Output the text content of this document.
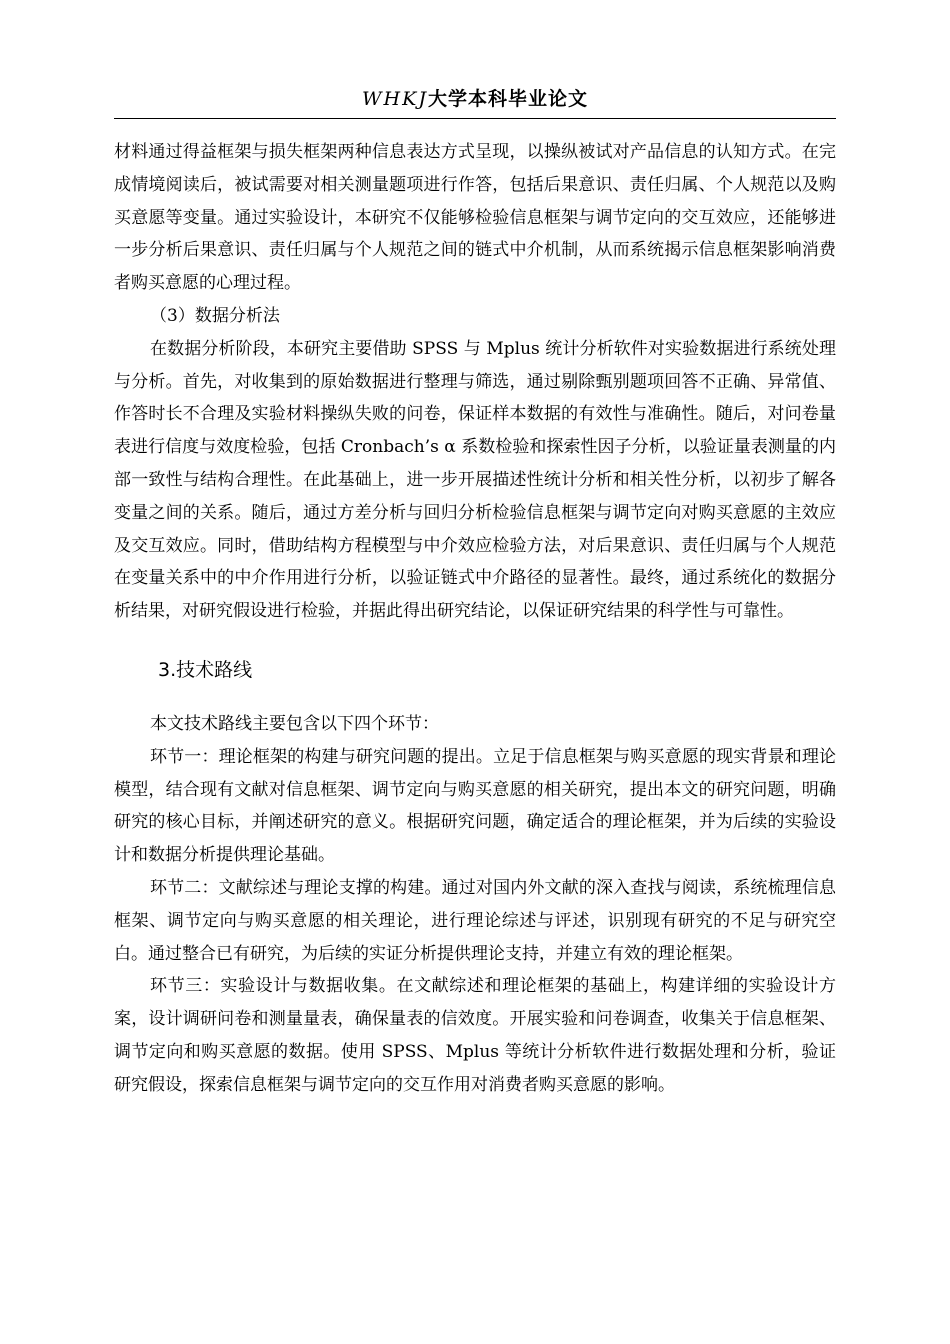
WHKJ大学本科毕业论文

材料通过得益框架与损失框架两种信息表达方式呈现，以操纵被试对产品信息的认知方式。在完成情境阅读后，被试需要对相关测量题项进行作答，包括后果意识、责任归属、个人规范以及购买意愿等变量。通过实验设计，本研究不仅能够检验信息框架与调节定向的交互效应，还能够进一步分析后果意识、责任归属与个人规范之间的链式中介机制，从而系统揭示信息框架影响消费者购买意愿的心理过程。

（3）数据分析法

在数据分析阶段，本研究主要借助 SPSS 与 Mplus 统计分析软件对实验数据进行系统处理与分析。首先，对收集到的原始数据进行整理与筛选，通过剔除甄别题项回答不正确、异常值、作答时长不合理及实验材料操纵失败的问卷，保证样本数据的有效性与准确性。随后，对问卷量表进行信度与效度检验，包括 Cronbach’s α 系数检验和探索性因子分析，以验证量表测量的内部一致性与结构合理性。在此基础上，进一步开展描述性统计分析和相关性分析，以初步了解各变量之间的关系。随后，通过方差分析与回归分析检验信息框架与调节定向对购买意愿的主效应及交互效应。同时，借助结构方程模型与中介效应检验方法，对后果意识、责任归属与个人规范在变量关系中的中介作用进行分析，以验证链式中介路径的显著性。最终，通过系统化的数据分析结果，对研究假设进行检验，并据此得出研究结论，以保证研究结果的科学性与可靠性。

3.技术路线

本文技术路线主要包含以下四个环节：

环节一：理论框架的构建与研究问题的提出。立足于信息框架与购买意愿的现实背景和理论模型，结合现有文献对信息框架、调节定向与购买意愿的相关研究，提出本文的研究问题，明确研究的核心目标，并阐述研究的意义。根据研究问题，确定适合的理论框架，并为后续的实验设计和数据分析提供理论基础。

环节二：文献综述与理论支撑的构建。通过对国内外文献的深入查找与阅读，系统梳理信息框架、调节定向与购买意愿的相关理论，进行理论综述与评述，识别现有研究的不足与研究空白。通过整合已有研究，为后续的实证分析提供理论支持，并建立有效的理论框架。

环节三：实验设计与数据收集。在文献综述和理论框架的基础上，构建详细的实验设计方案，设计调研问卷和测量量表，确保量表的信效度。开展实验和问卷调查，收集关于信息框架、调节定向和购买意愿的数据。使用 SPSS、Mplus 等统计分析软件进行数据处理和分析，验证研究假设，探索信息框架与调节定向的交互作用对消费者购买意愿的影响。
